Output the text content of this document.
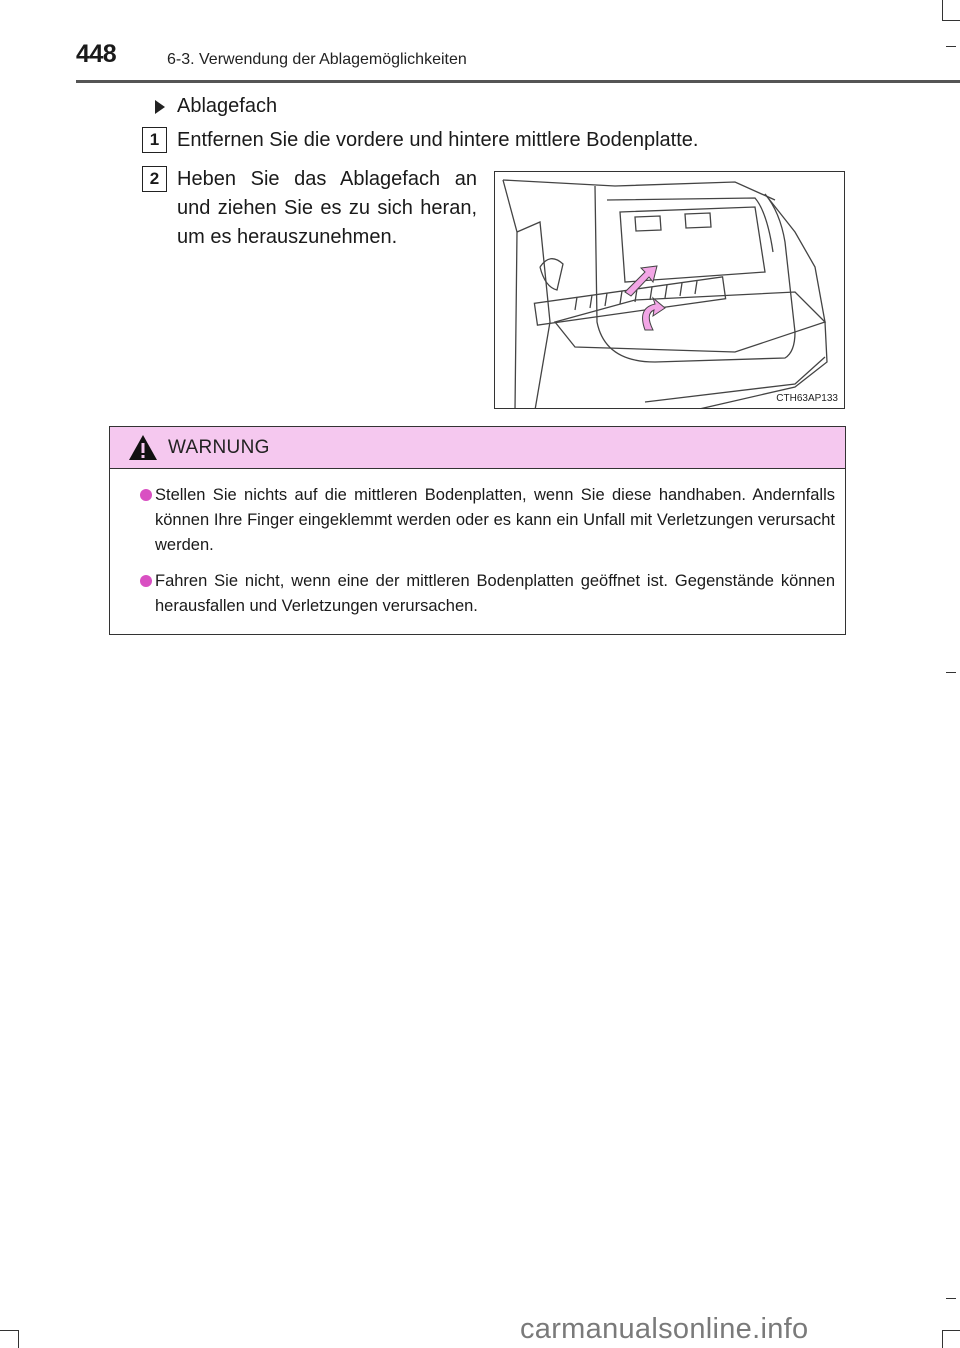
448	6-3. Verwendung der Ablagemöglichkeiten
Ablagefach
1 Entfernen Sie die vordere und hintere mittlere Bodenplatte.
2 Heben Sie das Ablagefach an und ziehen Sie es zu sich heran, um es herauszunehmen.
CTH63AP133
WARNUNG
Stellen Sie nichts auf die mittleren Bodenplatten, wenn Sie diese handhaben. Andernfalls können Ihre Finger eingeklemmt werden oder es kann ein Unfall mit Verletzungen verursacht werden.
Fahren Sie nicht, wenn eine der mittleren Bodenplatten geöffnet ist. Gegenstände können herausfallen und Verletzungen verursachen.
carmanualsonline.info
